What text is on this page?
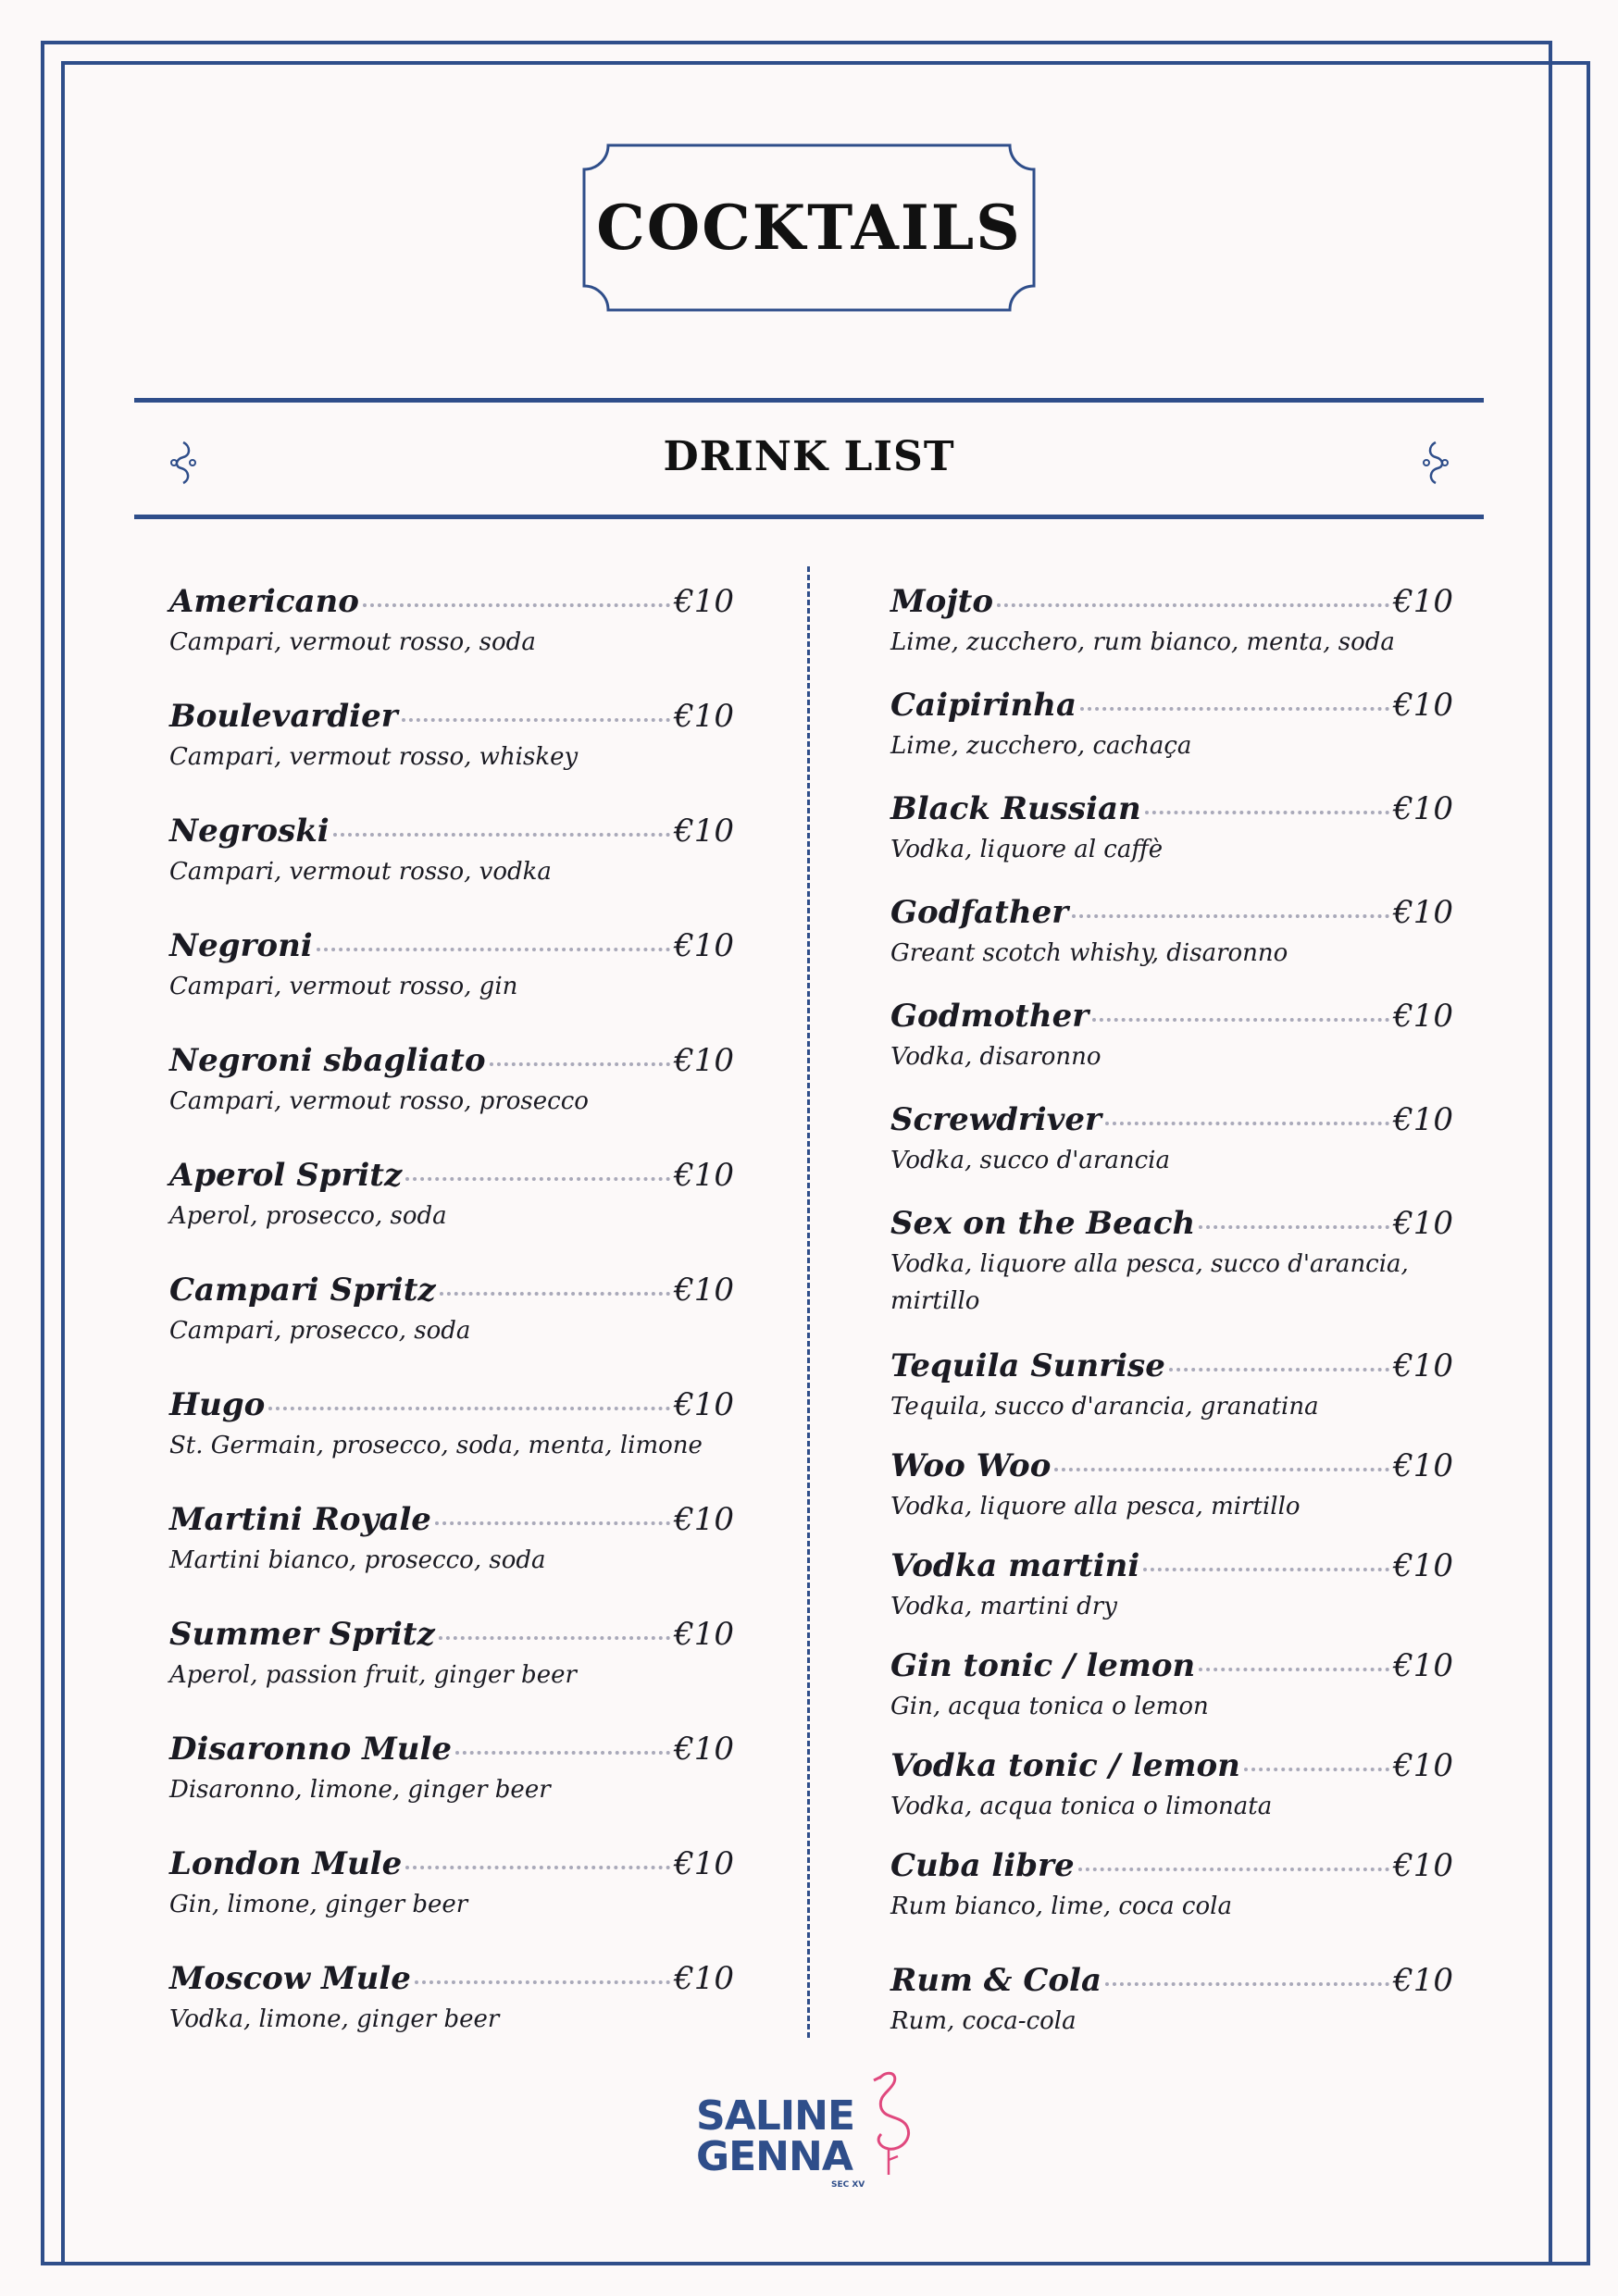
COCKTAILS
DRINK LIST
Americano	€10
Campari, vermout rosso, soda
Boulevardier	€10
Campari, vermout rosso, whiskey
Negroski	€10
Campari, vermout rosso, vodka
Negroni	€10
Campari, vermout rosso, gin
Negroni sbagliato	€10
Campari, vermout rosso, prosecco
Aperol Spritz	€10
Aperol, prosecco, soda
Campari Spritz	€10
Campari, prosecco, soda
Hugo	€10
St. Germain, prosecco, soda, menta, limone
Martini Royale	€10
Martini bianco, prosecco, soda
Summer Spritz	€10
Aperol, passion fruit, ginger beer
Disaronno Mule	€10
Disaronno, limone, ginger beer
London Mule	€10
Gin, limone, ginger beer
Moscow Mule	€10
Vodka, limone, ginger beer
Mojto	€10
Lime, zucchero, rum bianco, menta, soda
Caipirinha	€10
Lime, zucchero, cachaça
Black Russian	€10
Vodka, liquore al caffè
Godfather	€10
Greant scotch whishy, disaronno
Godmother	€10
Vodka, disaronno
Screwdriver	€10
Vodka, succo d'arancia
Sex on the Beach	€10
Vodka, liquore alla pesca, succo d'arancia, mirtillo
Tequila Sunrise	€10
Tequila, succo d'arancia, granatina
Woo Woo	€10
Vodka, liquore alla pesca, mirtillo
Vodka martini	€10
Vodka, martini dry
Gin tonic / lemon	€10
Gin, acqua tonica o lemon
Vodka tonic / lemon	€10
Vodka, acqua tonica o limonata
Cuba libre	€10
Rum bianco, lime, coca cola
Rum & Cola	€10
Rum, coca-cola
SALINE
GENNA
SEC XV
